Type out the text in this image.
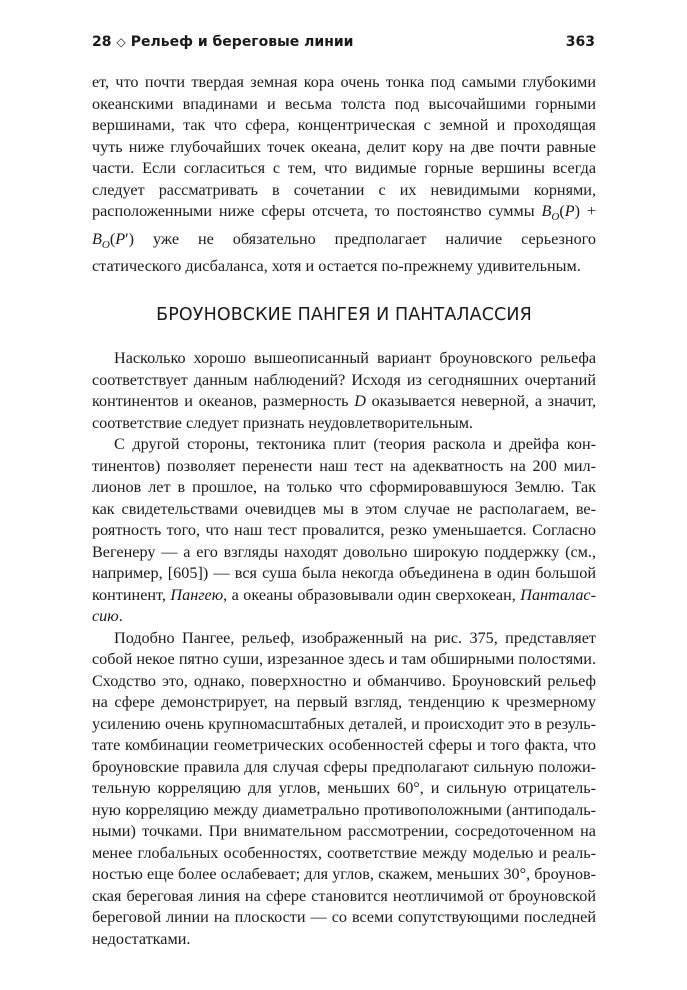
28 ◇ Рельеф и береговые линии	363

ет, что почти твердая земная кора очень тонка под самыми глубокими океанскими впадинами и весьма толста под высочайшими горными вершинами, так что сфера, концентрическая с земной и проходящая чуть ниже глубочайших точек океана, делит кору на две почти равные части. Если согласиться с тем, что видимые горные вершины всегда следует рассматривать в сочетании с их невидимыми корнями, расположенными ниже сферы отсчета, то постоянство суммы $B_O(P) + B_O(P')$ уже не обязательно предполагает наличие серьезного статического дисбаланса, хотя и остается по-прежнему удивительным.

БРОУНОВСКИЕ ПАНГЕЯ И ПАНТАЛАССИЯ

Насколько хорошо вышеописанный вариант броуновского рельефа соответствует данным наблюдений? Исходя из сегодняшних очертаний континентов и океанов, размерность D оказывается неверной, а значит, соответствие следует признать неудовлетворительным.

С другой стороны, тектоника плит (теория раскола и дрейфа континентов) позволяет перенести наш тест на адекватность на 200 миллионов лет в прошлое, на только что сформировавшуюся Землю. Так как свидетельствами очевидцев мы в этом случае не располагаем, вероятность того, что наш тест провалится, резко уменьшается. Согласно Вегенеру — а его взгляды находят довольно широкую поддержку (см., например, [605]) — вся суша была некогда объединена в один большой континент, Пангею, а океаны образовывали один сверхокеан, Панталассию.

Подобно Пангее, рельеф, изображенный на рис. 375, представляет собой некое пятно суши, изрезанное здесь и там обширными полостями. Сходство это, однако, поверхностно и обманчиво. Броуновский рельеф на сфере демонстрирует, на первый взгляд, тенденцию к чрезмерному усилению очень крупномасштабных деталей, и происходит это в результате комбинации геометрических особенностей сферы и того факта, что броуновские правила для случая сферы предполагают сильную положительную корреляцию для углов, меньших 60°, и сильную отрицательную корреляцию между диаметрально противоположными (антиподальными) точками. При внимательном рассмотрении, сосредоточенном на менее глобальных особенностях, соответствие между моделью и реальностью еще более ослабевает; для углов, скажем, меньших 30°, броуновская береговая линия на сфере становится неотличимой от броуновской береговой линии на плоскости — со всеми сопутствующими последней недостатками.
